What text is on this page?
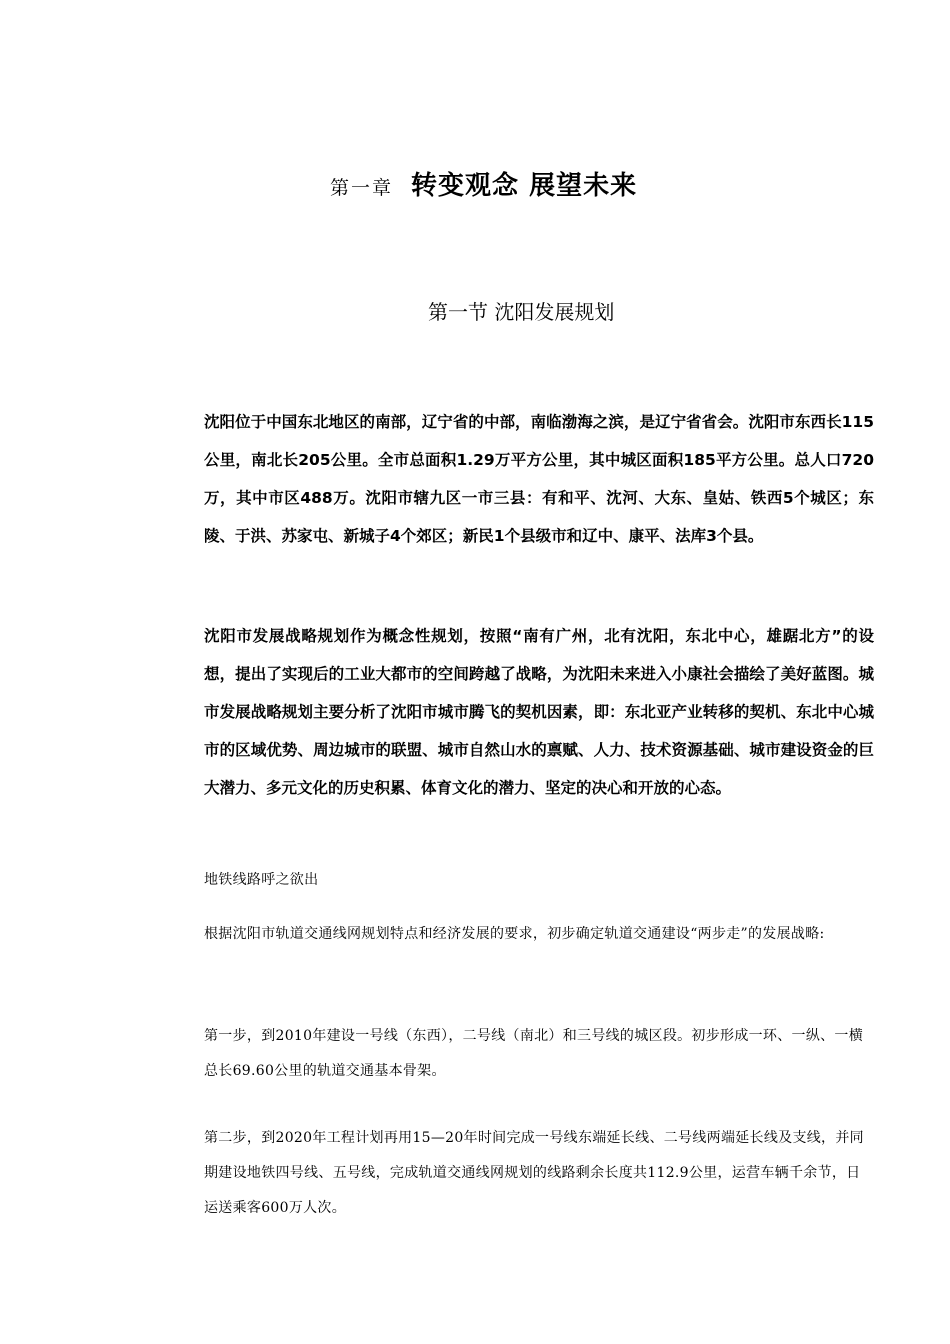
第一章 转变观念 展望未来
第一节 沈阳发展规划

沈阳位于中国东北地区的南部，辽宁省的中部，南临渤海之滨，是辽宁省省会。沈阳市东西长115公里，南北长205公里。全市总面积1.29万平方公里，其中城区面积185平方公里。总人口720万，其中市区488万。沈阳市辖九区一市三县：有和平、沈河、大东、皇姑、铁西5个城区；东陵、于洪、苏家屯、新城子4个郊区；新民1个县级市和辽中、康平、法库3个县。

沈阳市发展战略规划作为概念性规划，按照“南有广州，北有沈阳，东北中心，雄踞北方”的设想，提出了实现后的工业大都市的空间跨越了战略，为沈阳未来进入小康社会描绘了美好蓝图。城市发展战略规划主要分析了沈阳市城市腾飞的契机因素，即：东北亚产业转移的契机、东北中心城市的区域优势、周边城市的联盟、城市自然山水的禀赋、人力、技术资源基础、城市建设资金的巨大潜力、多元文化的历史积累、体育文化的潜力、坚定的决心和开放的心态。

地铁线路呼之欲出

根据沈阳市轨道交通线网规划特点和经济发展的要求，初步确定轨道交通建设“两步走”的发展战略:

第一步，到2010年建设一号线（东西），二号线（南北）和三号线的城区段。初步形成一环、一纵、一横总长69.60公里的轨道交通基本骨架。

第二步，到2020年工程计划再用15—20年时间完成一号线东端延长线、二号线两端延长线及支线，并同期建设地铁四号线、五号线，完成轨道交通线网规划的线路剩余长度共112.9公里，运营车辆千余节，日运送乘客600万人次。
